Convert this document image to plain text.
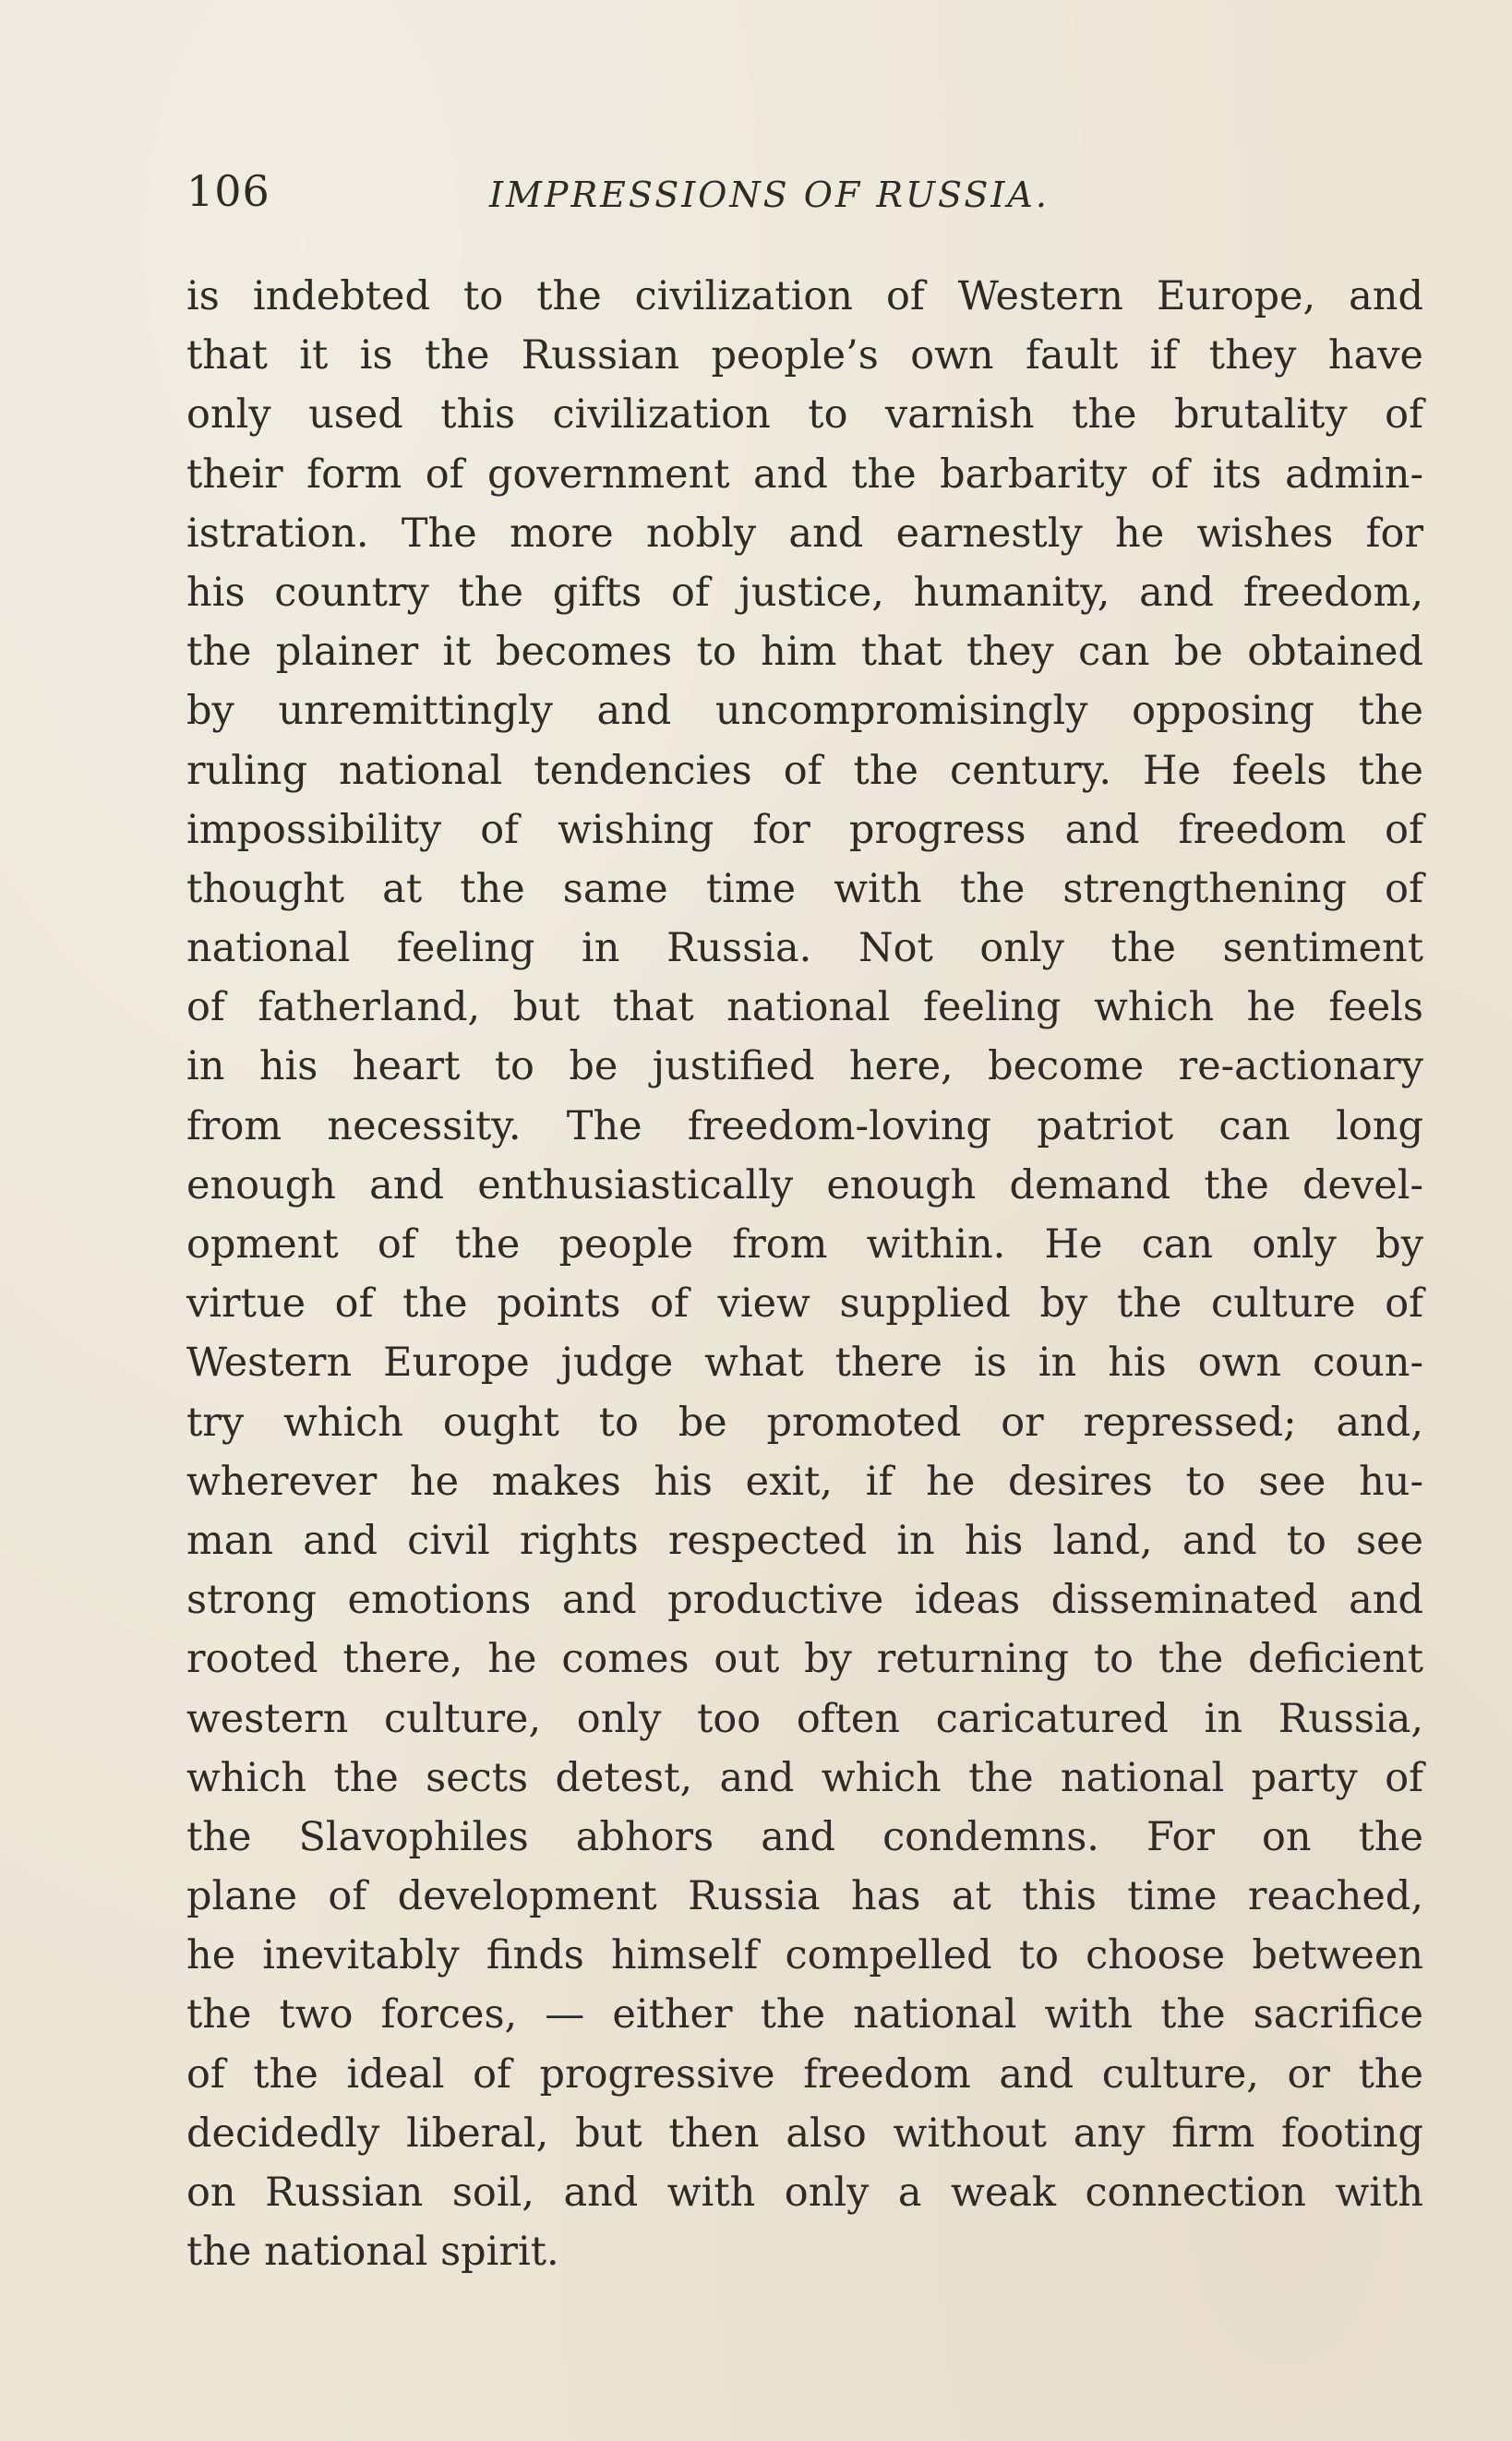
106	IMPRESSIONS OF RUSSIA.
is indebted to the civilization of Western Europe, and
that it is the Russian people’s own fault if they have
only used this civilization to varnish the brutality of
their form of government and the barbarity of its admin-
istration. The more nobly and earnestly he wishes for
his country the gifts of justice, humanity, and freedom,
the plainer it becomes to him that they can be obtained
by unremittingly and uncompromisingly opposing the
ruling national tendencies of the century. He feels the
impossibility of wishing for progress and freedom of
thought at the same time with the strengthening of
national feeling in Russia. Not only the sentiment
of fatherland, but that national feeling which he feels
in his heart to be justified here, become re-actionary
from necessity. The freedom-loving patriot can long
enough and enthusiastically enough demand the devel-
opment of the people from within. He can only by
virtue of the points of view supplied by the culture of
Western Europe judge what there is in his own coun-
try which ought to be promoted or repressed; and,
wherever he makes his exit, if he desires to see hu-
man and civil rights respected in his land, and to see
strong emotions and productive ideas disseminated and
rooted there, he comes out by returning to the deficient
western culture, only too often caricatured in Russia,
which the sects detest, and which the national party of
the Slavophiles abhors and condemns. For on the
plane of development Russia has at this time reached,
he inevitably finds himself compelled to choose between
the two forces, — either the national with the sacrifice
of the ideal of progressive freedom and culture, or the
decidedly liberal, but then also without any firm footing
on Russian soil, and with only a weak connection with
the national spirit.
